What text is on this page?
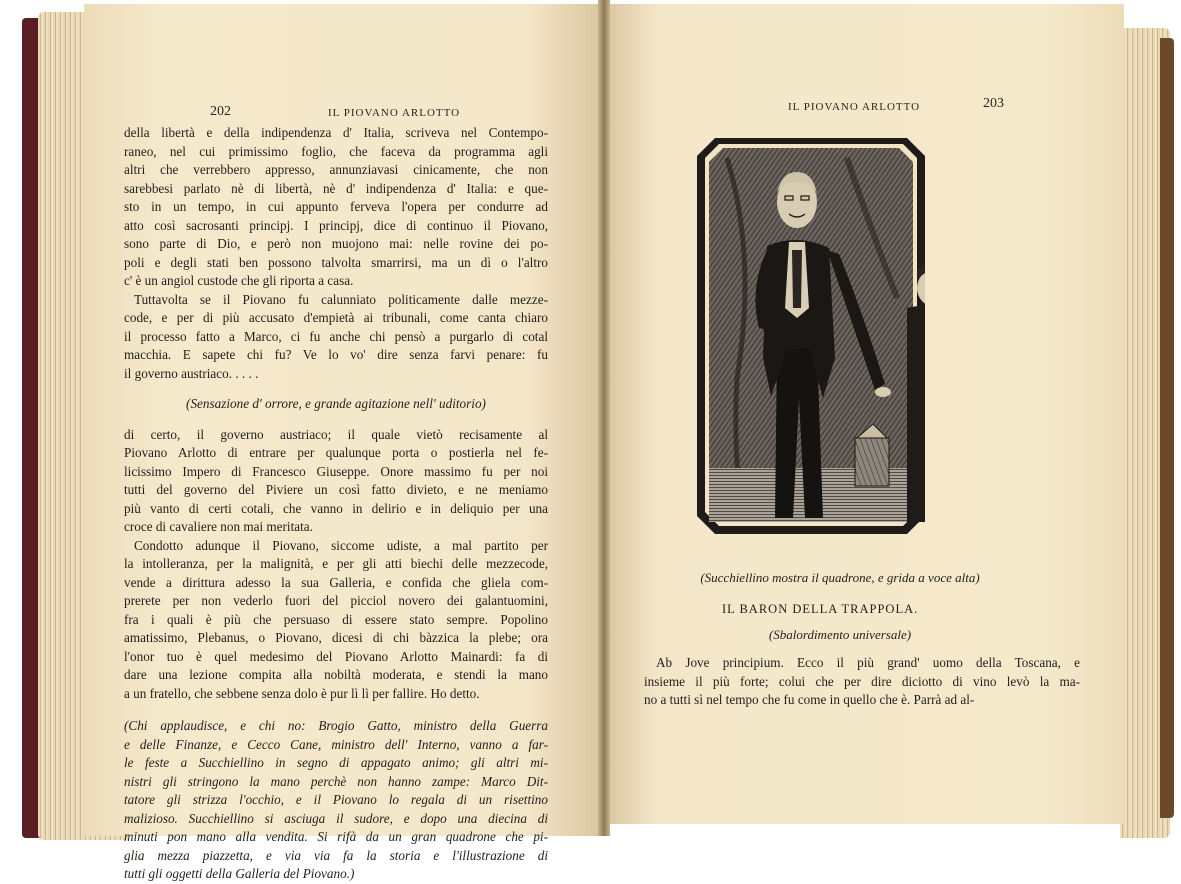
202	IL PIOVANO ARLOTTO
della libertà e della indipendenza d' Italia, scriveva nel Contempo-
raneo, nel cui primissimo foglio, che faceva da programma agli
altri che verrebbero appresso, annunziavasi cinicamente, che non
sarebbesi parlato nè di libertà, nè d' indipendenza d' Italia: e que-
sto in un tempo, in cui appunto ferveva l'opera per condurre ad
atto così sacrosanti principj. I principj, dice di continuo il Piovano,
sono parte di Dio, e però non muojono mai: nelle rovine dei po-
poli e degli stati ben possono talvolta smarrirsi, ma un dì o l'altro
c' è un angiol custode che gli riporta a casa.
Tuttavolta se il Piovano fu calunniato politicamente dalle mezze-
code, e per di più accusato d'empietà ai tribunali, come canta chiaro
il processo fatto a Marco, ci fu anche chi pensò a purgarlo di cotal
macchia. E sapete chi fu? Ve lo vo' dire senza farvi penare: fu
il governo austriaco. . . . .
(Sensazione d' orrore, e grande agitazione nell' uditorio)
di certo, il governo austriaco; il quale vietò recisamente al
Piovano Arlotto di entrare per qualunque porta o postierla nel fe-
licissimo Impero di Francesco Giuseppe. Onore massimo fu per noi
tutti del governo del Piviere un così fatto divieto, e ne meniamo
più vanto di certi cotali, che vanno in delirio e in deliquio per una
croce di cavaliere non mai meritata.
Condotto adunque il Piovano, siccome udiste, a mal partito per
la intolleranza, per la malignità, e per gli atti biechi delle mezzecode,
vende a dirittura adesso la sua Galleria, e confida che gliela com-
prerete per non vederlo fuori del picciol novero dei galantuomini,
fra i quali è più che persuaso di essere stato sempre. Popolino
amatissimo, Plebanus, o Piovano, dicesi di chi bàzzica la plebe; ora
l'onor tuo è quel medesimo del Piovano Arlotto Mainardi: fa di
dare una lezione compita alla nobiltà moderata, e stendi la mano
a un fratello, che sebbene senza dolo è pur lì lì per fallire. Ho detto.
(Chi applaudisce, e chi no: Brogio Gatto, ministro della Guerra
e delle Finanze, e Cecco Cane, ministro dell' Interno, vanno a far-
le feste a Succhiellino in segno di appagato animo; gli altri mi-
nistri gli stringono la mano perchè non hanno zampe: Marco Dit-
tatore gli strizza l'occhio, e il Piovano lo regala di un risettino
malizioso. Succhiellino si asciuga il sudore, e dopo una diecina di
minuti pon mano alla vendita. Si rifà da un gran quadrone che pi-
glia mezza piazzetta, e via via fa la storia e l'illustrazione di
tutti gli oggetti della Galleria del Piovano.)
IL PIOVANO ARLOTTO	203
(Succhiellino mostra il quadrone, e grida a voce alta)
IL BARON DELLA TRAPPOLA.
(Sbalordimento universale)
Ab Jove principium. Ecco il più grand' uomo della Toscana, e
insieme il più forte; colui che per dire diciotto di vino levò la ma-
no a tutti sì nel tempo che fu come in quello che è. Parrà ad al-
